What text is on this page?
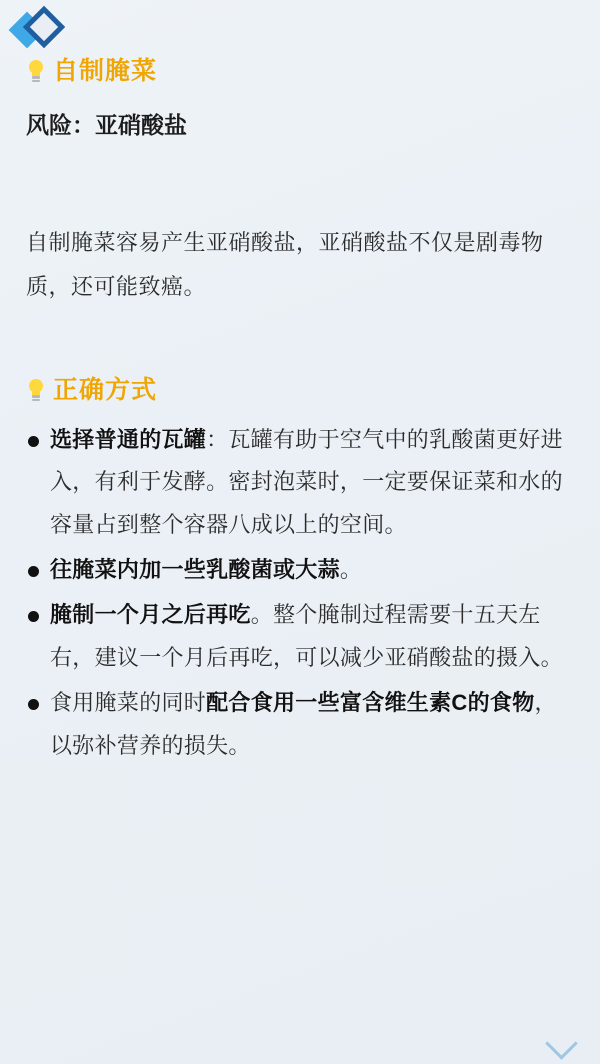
自制腌菜
风险：亚硝酸盐

自制腌菜容易产生亚硝酸盐，亚硝酸盐不仅是剧毒物质，还可能致癌。

正确方式
选择普通的瓦罐：瓦罐有助于空气中的乳酸菌更好进入，有利于发酵。密封泡菜时，一定要保证菜和水的容量占到整个容器八成以上的空间。
往腌菜内加一些乳酸菌或大蒜。
腌制一个月之后再吃。整个腌制过程需要十五天左右，建议一个月后再吃，可以减少亚硝酸盐的摄入。
食用腌菜的同时配合食用一些富含维生素C的食物，以弥补营养的损失。
